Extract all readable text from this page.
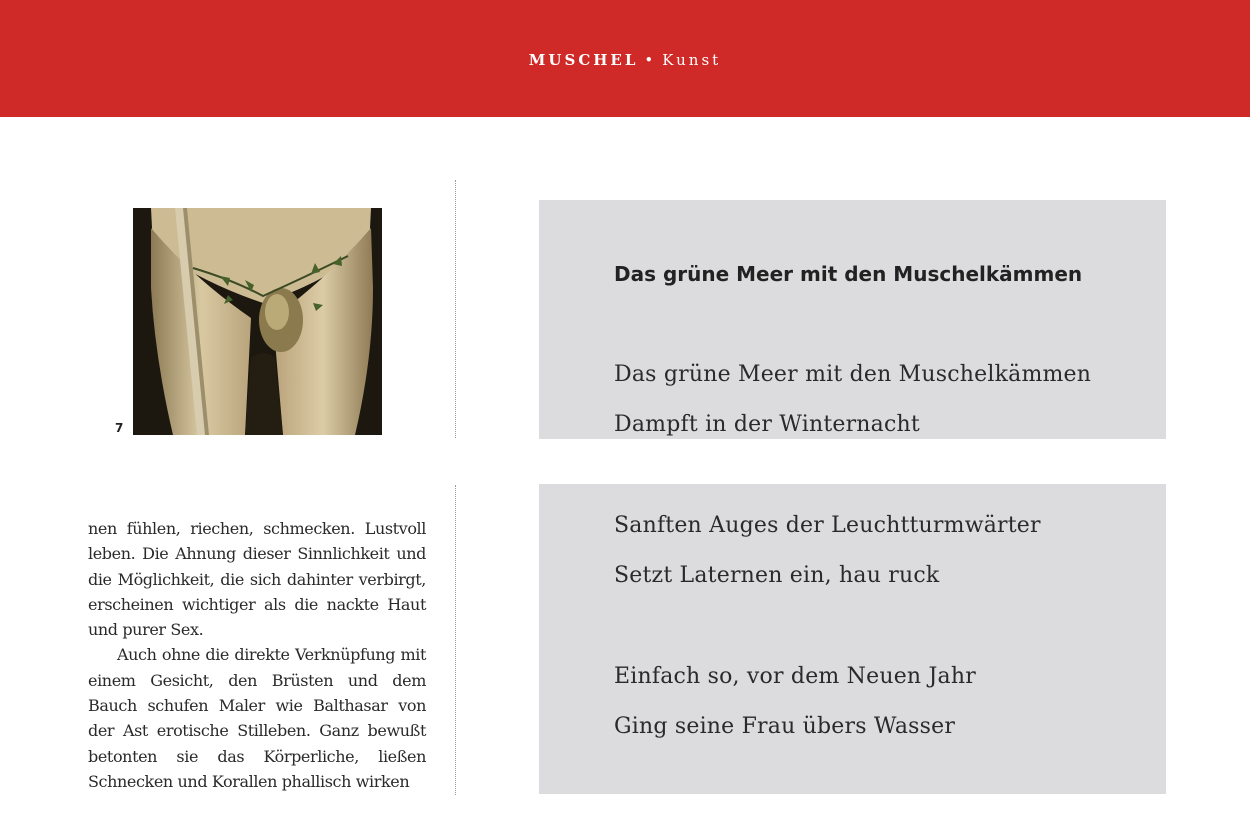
MUSCHEL • Kunst
7

nen fühlen, riechen, schmecken. Lustvoll leben. Die Ahnung dieser Sinnlichkeit und die Möglichkeit, die sich dahinter verbirgt, erscheinen wichtiger als die nackte Haut und purer Sex.

Auch ohne die direkte Verknüpfung mit einem Gesicht, den Brüsten und dem Bauch schufen Maler wie Balthasar von der Ast erotische Stilleben. Ganz bewußt betonten sie das Körperliche, ließen Schnecken und Korallen phallisch wirken

Das grüne Meer mit den Muschelkämmen
Das grüne Meer mit den Muschelkämmen
Dampft in der Winternacht
Sanften Auges der Leuchtturmwärter
Setzt Laternen ein, hau ruck
Einfach so, vor dem Neuen Jahr
Ging seine Frau übers Wasser
